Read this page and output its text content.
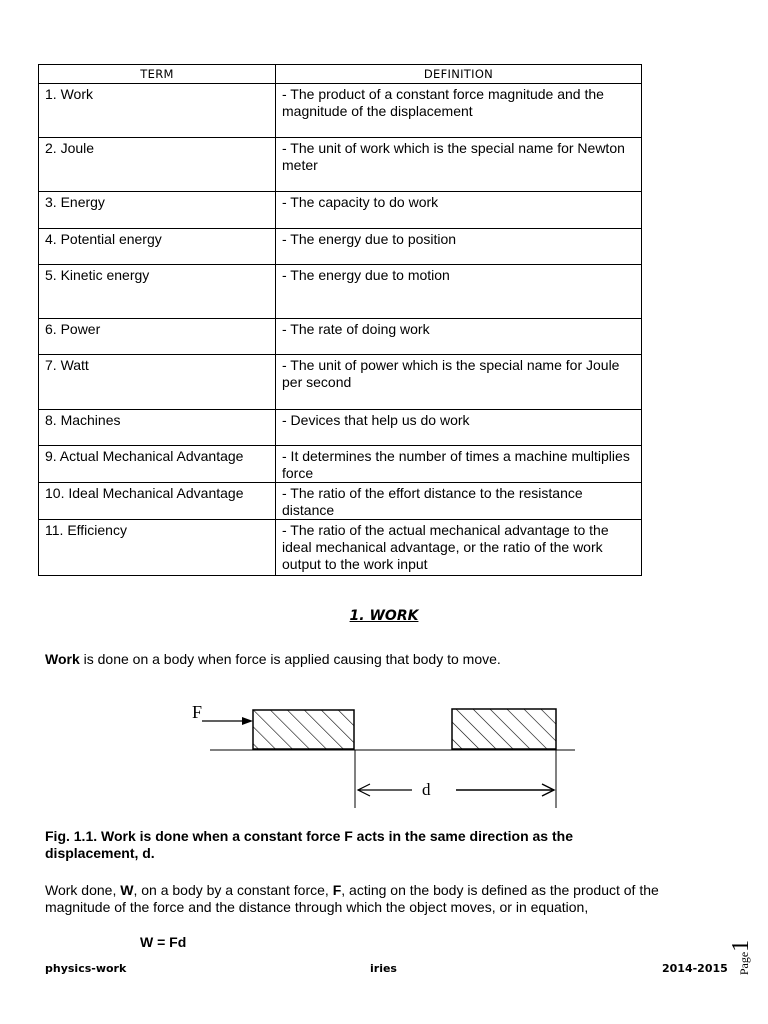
TERM	DEFINITION
1. Work	- The product of a constant force magnitude and the magnitude of the displacement
2. Joule	- The unit of work which is the special name for Newton meter
3. Energy	- The capacity to do work
4. Potential energy	- The energy due to position
5. Kinetic energy	- The energy due to motion
6. Power	- The rate of doing work
7. Watt	- The unit of power which is the special name for Joule per second
8. Machines	- Devices that help us do work
9. Actual Mechanical Advantage	- It determines the number of times a machine multiplies force
10. Ideal Mechanical Advantage	- The ratio of the effort distance to the resistance distance
11. Efficiency	- The ratio of the actual mechanical advantage to the ideal mechanical advantage, or the ratio of the work output to the work input
1. WORK
Work is done on a body when force is applied causing that body to move.
F
d
Fig. 1.1. Work is done when a constant force F acts in the same direction as the displacement, d.
Work done, W, on a body by a constant force, F, acting on the body is defined as the product of the magnitude of the force and the distance through which the object moves, or in equation,
W = Fd
physics-work	iries	2014-2015 Page1
